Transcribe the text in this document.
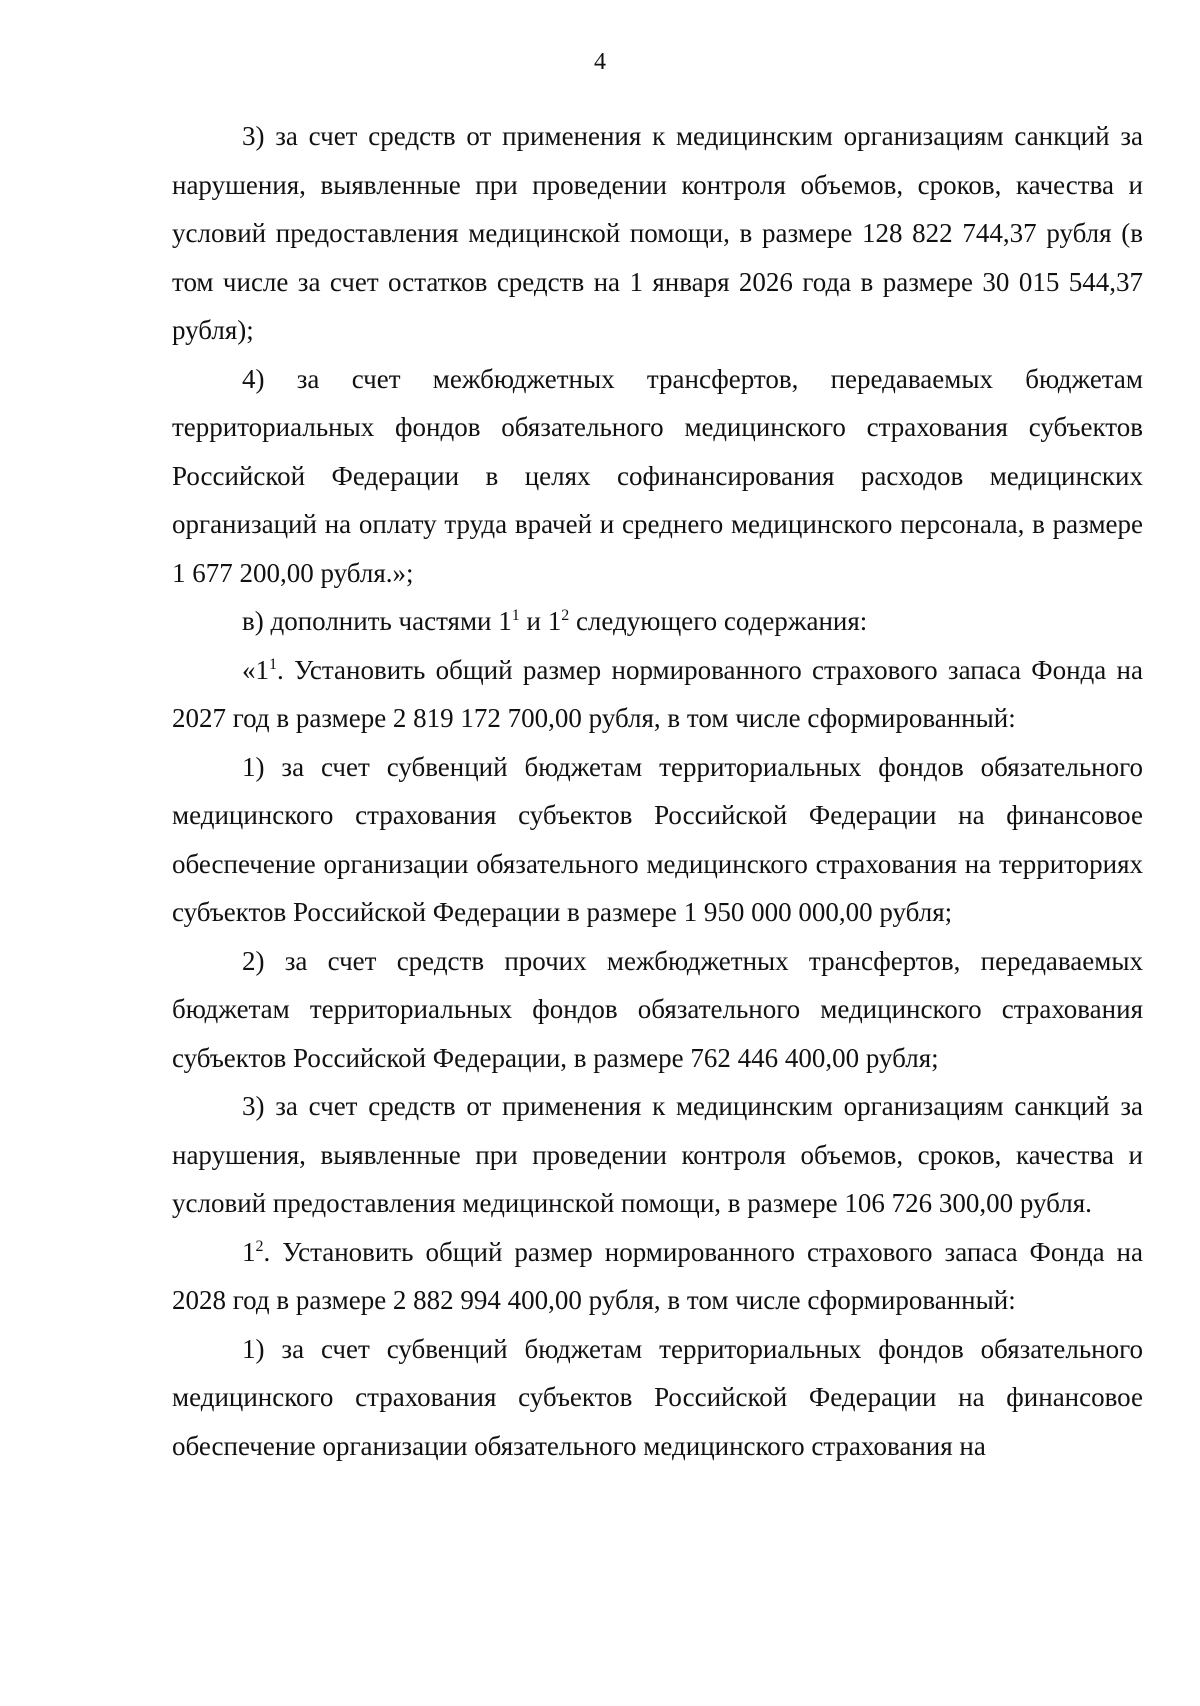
4

3) за счет средств от применения к медицинским организациям санкций за нарушения, выявленные при проведении контроля объемов, сроков, качества и условий предоставления медицинской помощи, в размере 128 822 744,37 рубля (в том числе за счет остатков средств на 1 января 2026 года в размере 30 015 544,37 рубля);

4) за счет межбюджетных трансфертов, передаваемых бюджетам территориальных фондов обязательного медицинского страхования субъектов Российской Федерации в целях софинансирования расходов медицинских организаций на оплату труда врачей и среднего медицинского персонала, в размере 1 677 200,00 рубля.»;

в) дополнить частями $1^1$ и $1^2$ следующего содержания:

«$1^1$. Установить общий размер нормированного страхового запаса Фонда на 2027 год в размере 2 819 172 700,00 рубля, в том числе сформированный:

1) за счет субвенций бюджетам территориальных фондов обязательного медицинского страхования субъектов Российской Федерации на финансовое обеспечение организации обязательного медицинского страхования на территориях субъектов Российской Федерации в размере 1 950 000 000,00 рубля;

2) за счет средств прочих межбюджетных трансфертов, передаваемых бюджетам территориальных фондов обязательного медицинского страхования субъектов Российской Федерации, в размере 762 446 400,00 рубля;

3) за счет средств от применения к медицинским организациям санкций за нарушения, выявленные при проведении контроля объемов, сроков, качества и условий предоставления медицинской помощи, в размере 106 726 300,00 рубля.

$1^2$. Установить общий размер нормированного страхового запаса Фонда на 2028 год в размере 2 882 994 400,00 рубля, в том числе сформированный:

1) за счет субвенций бюджетам территориальных фондов обязательного медицинского страхования субъектов Российской Федерации на финансовое обеспечение организации обязательного медицинского страхования на
